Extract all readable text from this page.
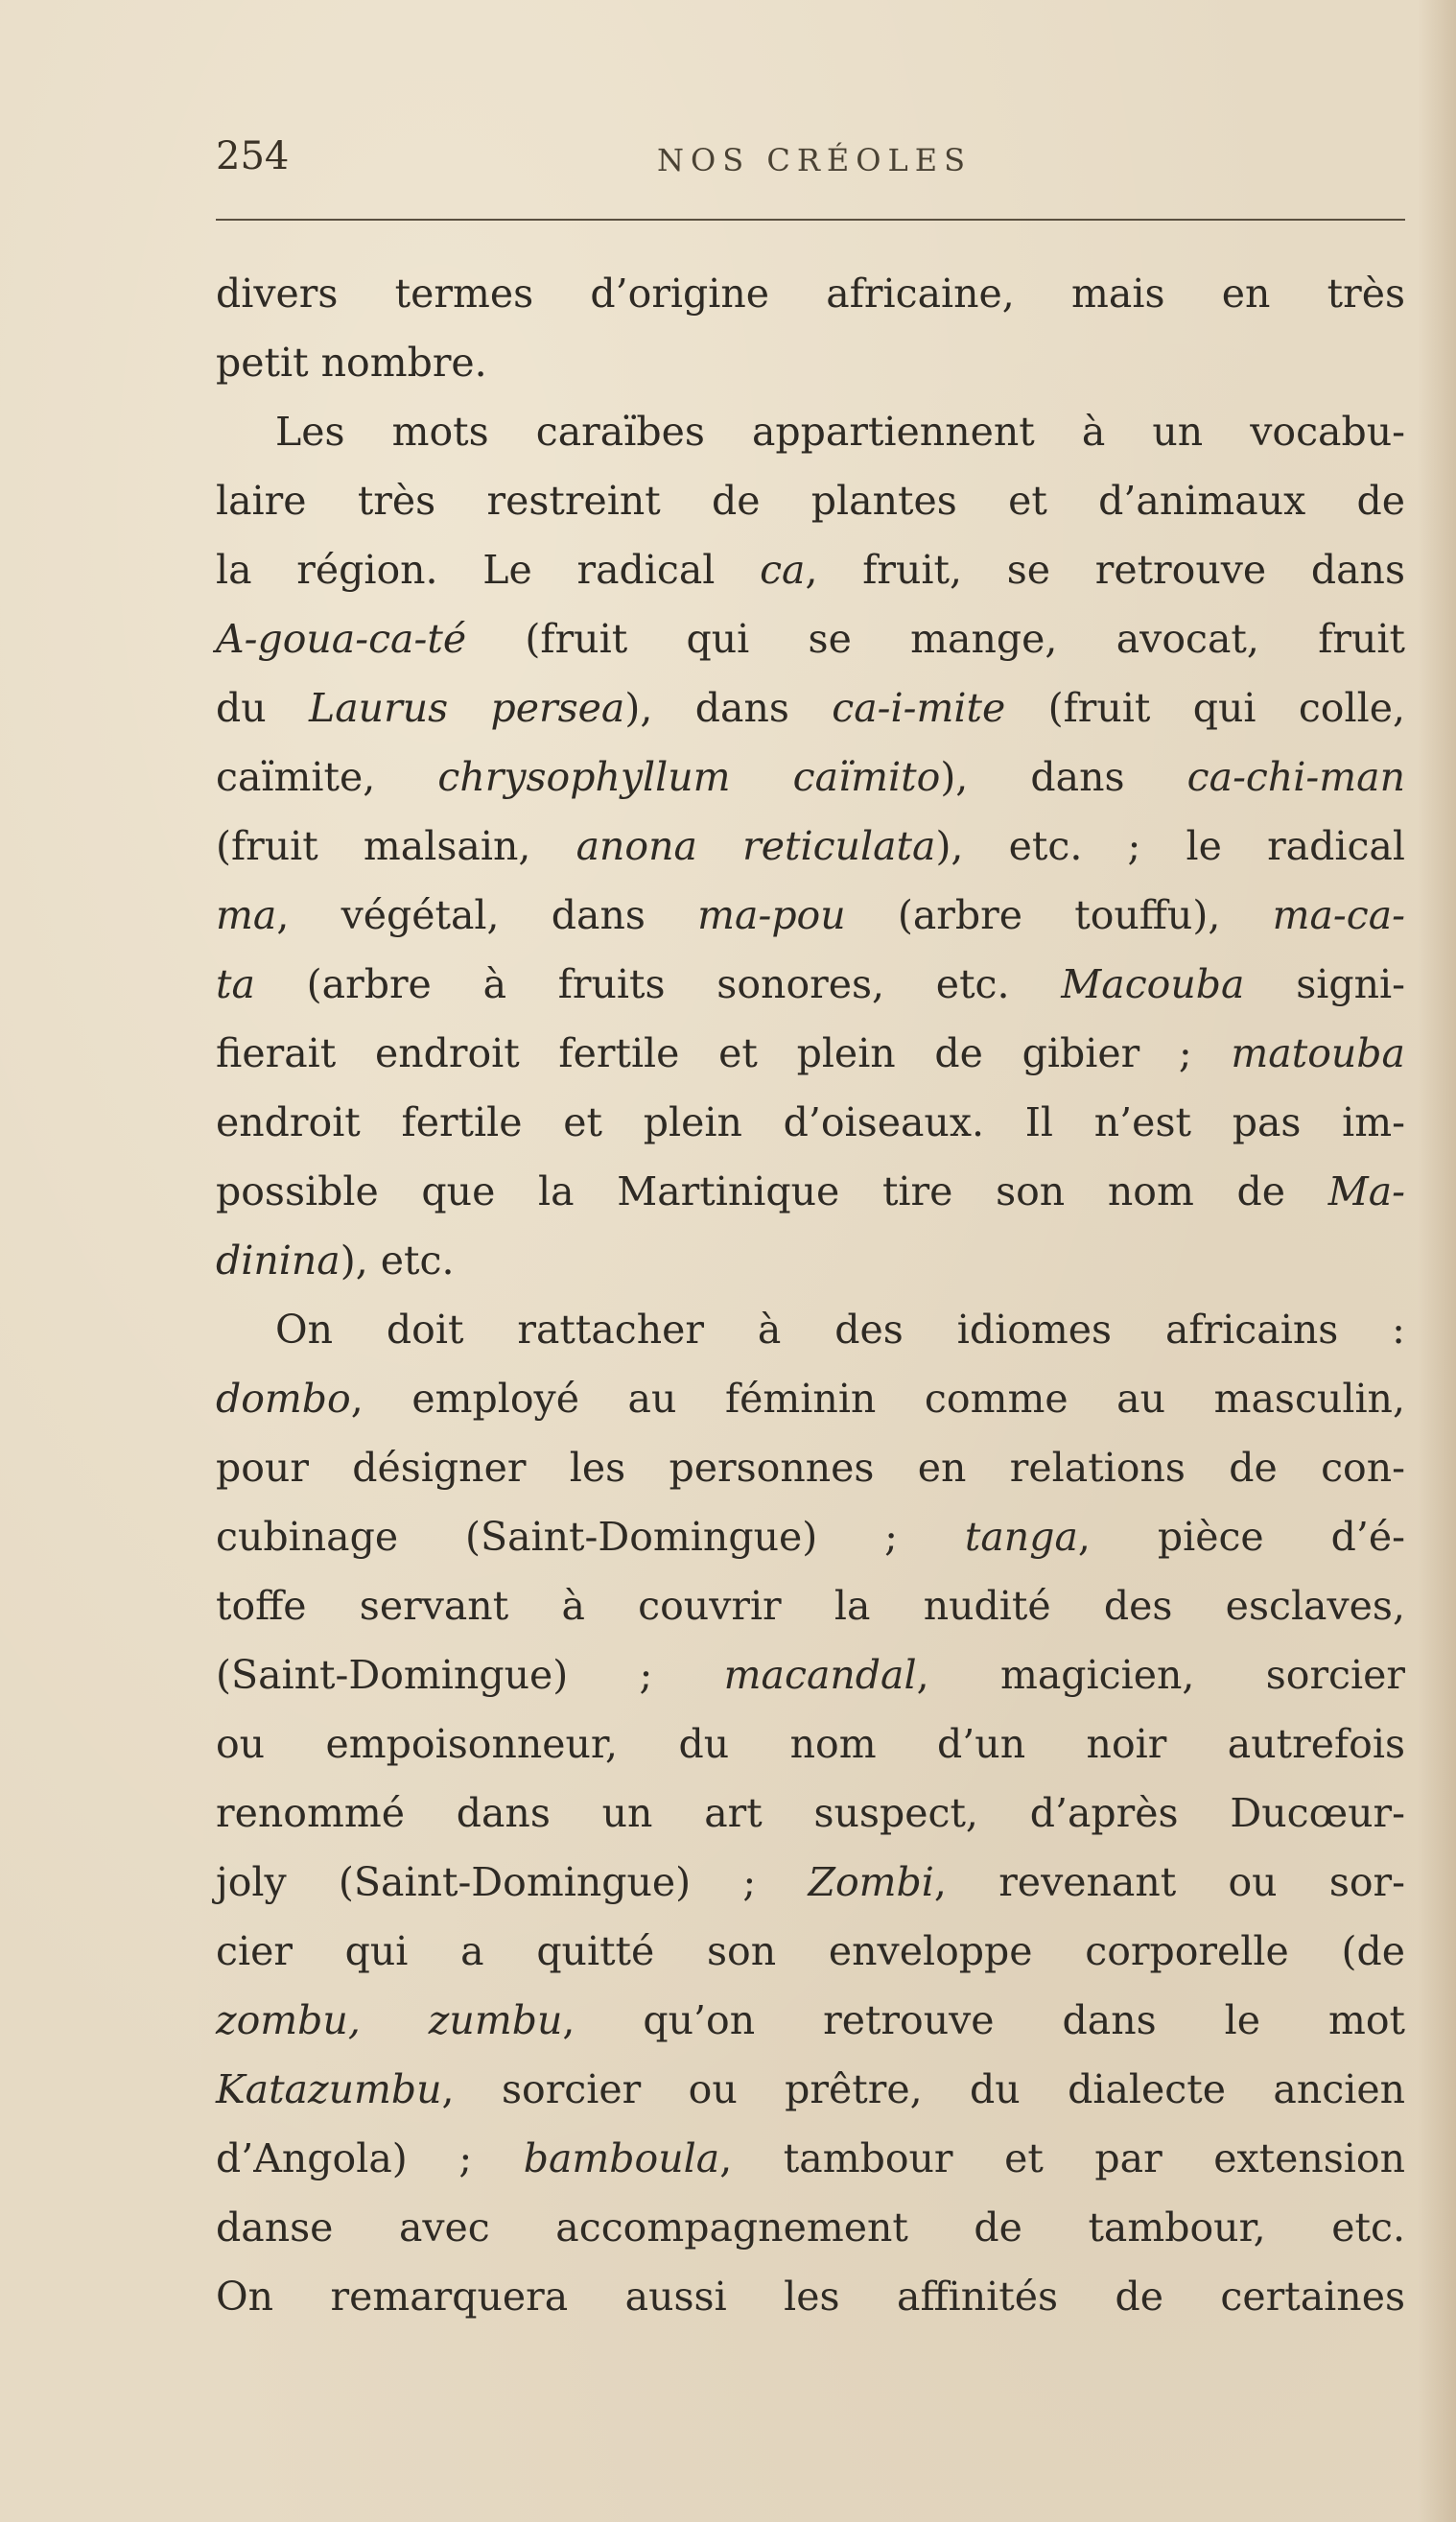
254	NOS CRÉOLES
divers termes d’origine africaine, mais en très
petit nombre.
Les mots caraïbes appartiennent à un vocabu-
laire très restreint de plantes et d’animaux de
la région. Le radical ca, fruit, se retrouve dans
A-goua-ca-té (fruit qui se mange, avocat, fruit
du Laurus persea), dans ca-i-mite (fruit qui colle,
caïmite, chrysophyllum caïmito), dans ca-chi-man
(fruit malsain, anona reticulata), etc. ; le radical
ma, végétal, dans ma-pou (arbre touffu), ma-ca-
ta (arbre à fruits sonores, etc. Macouba signi-
fierait endroit fertile et plein de gibier ; matouba
endroit fertile et plein d’oiseaux. Il n’est pas im-
possible que la Martinique tire son nom de Ma-
dinina), etc.
On doit rattacher à des idiomes africains :
dombo, employé au féminin comme au masculin,
pour désigner les personnes en relations de con-
cubinage (Saint-Domingue) ; tanga, pièce d’é-
toffe servant à couvrir la nudité des esclaves,
(Saint-Domingue) ; macandal, magicien, sorcier
ou empoisonneur, du nom d’un noir autrefois
renommé dans un art suspect, d’après Ducœur-
joly (Saint-Domingue) ; Zombi, revenant ou sor-
cier qui a quitté son enveloppe corporelle (de
zombu, zumbu, qu’on retrouve dans le mot
Katazumbu, sorcier ou prêtre, du dialecte ancien
d’Angola) ; bamboula, tambour et par extension
danse avec accompagnement de tambour, etc.
On remarquera aussi les affinités de certaines
